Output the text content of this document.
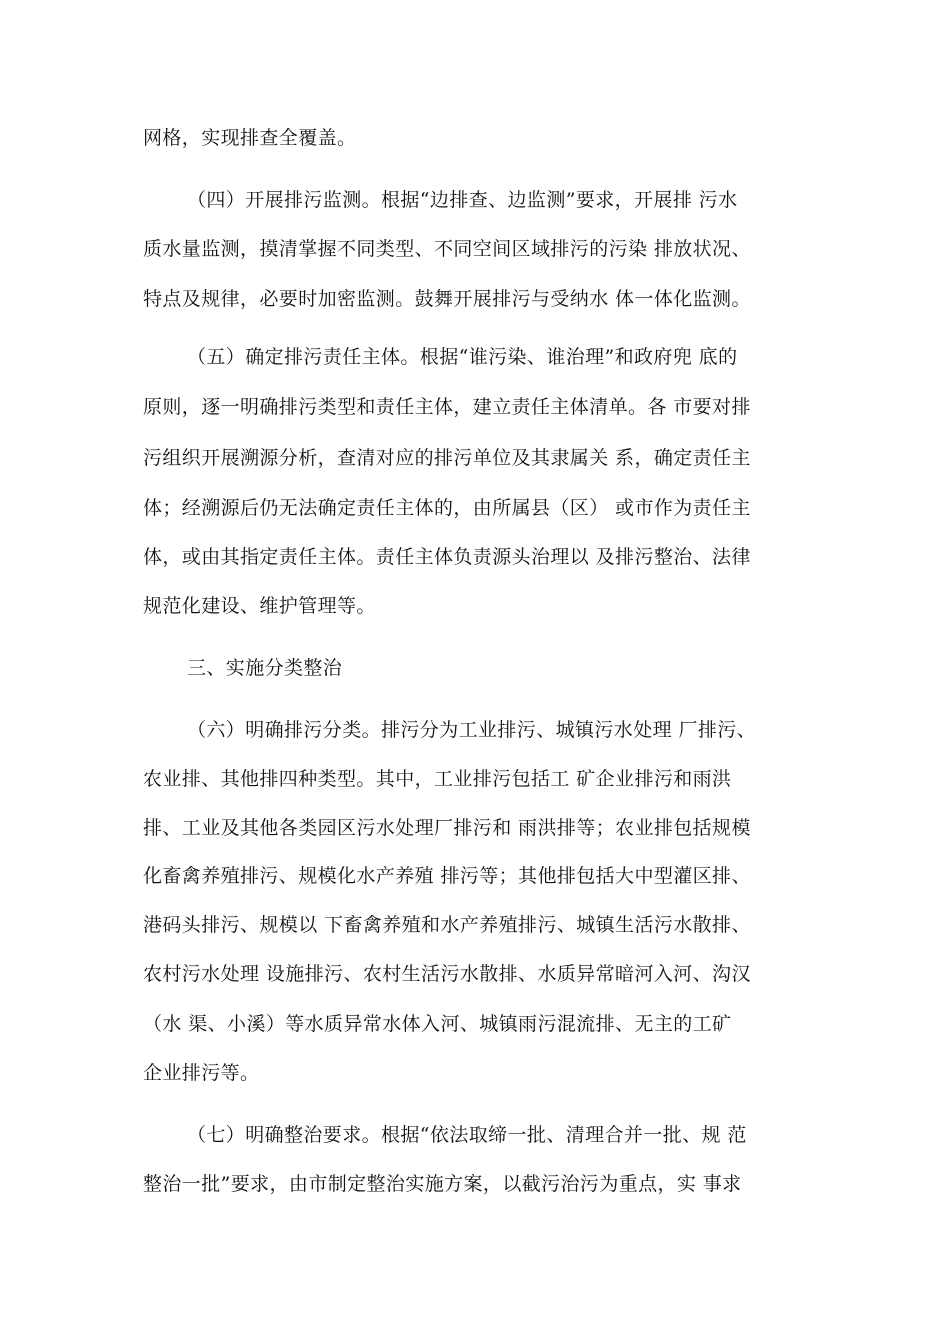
网格，实现排查全覆盖。
（四）开展排污监测。根据“边排查、边监测”要求，开展排 污水
质水量监测，摸清掌握不同类型、不同空间区域排污的污染 排放状况、
特点及规律，必要时加密监测。鼓舞开展排污与受纳水 体一体化监测。
（五）确定排污责任主体。根据“谁污染、谁治理”和政府兜 底的
原则，逐一明确排污类型和责任主体，建立责任主体清单。各 市要对排
污组织开展溯源分析，查清对应的排污单位及其隶属关 系，确定责任主
体；经溯源后仍无法确定责任主体的，由所属县（区） 或市作为责任主
体，或由其指定责任主体。责任主体负责源头治理以 及排污整治、法律
规范化建设、维护管理等。
三、实施分类整治
（六）明确排污分类。排污分为工业排污、城镇污水处理 厂排污、
农业排、其他排四种类型。其中，工业排污包括工 矿企业排污和雨洪
排、工业及其他各类园区污水处理厂排污和 雨洪排等；农业排包括规模
化畜禽养殖排污、规模化水产养殖 排污等；其他排包括大中型灌区排、
港码头排污、规模以 下畜禽养殖和水产养殖排污、城镇生活污水散排、
农村污水处理 设施排污、农村生活污水散排、水质异常暗河入河、沟汉
（水 渠、小溪）等水质异常水体入河、城镇雨污混流排、无主的工矿
企业排污等。
（七）明确整治要求。根据“依法取缔一批、清理合并一批、规 范
整治一批”要求，由市制定整治实施方案，以截污治污为重点，实 事求
